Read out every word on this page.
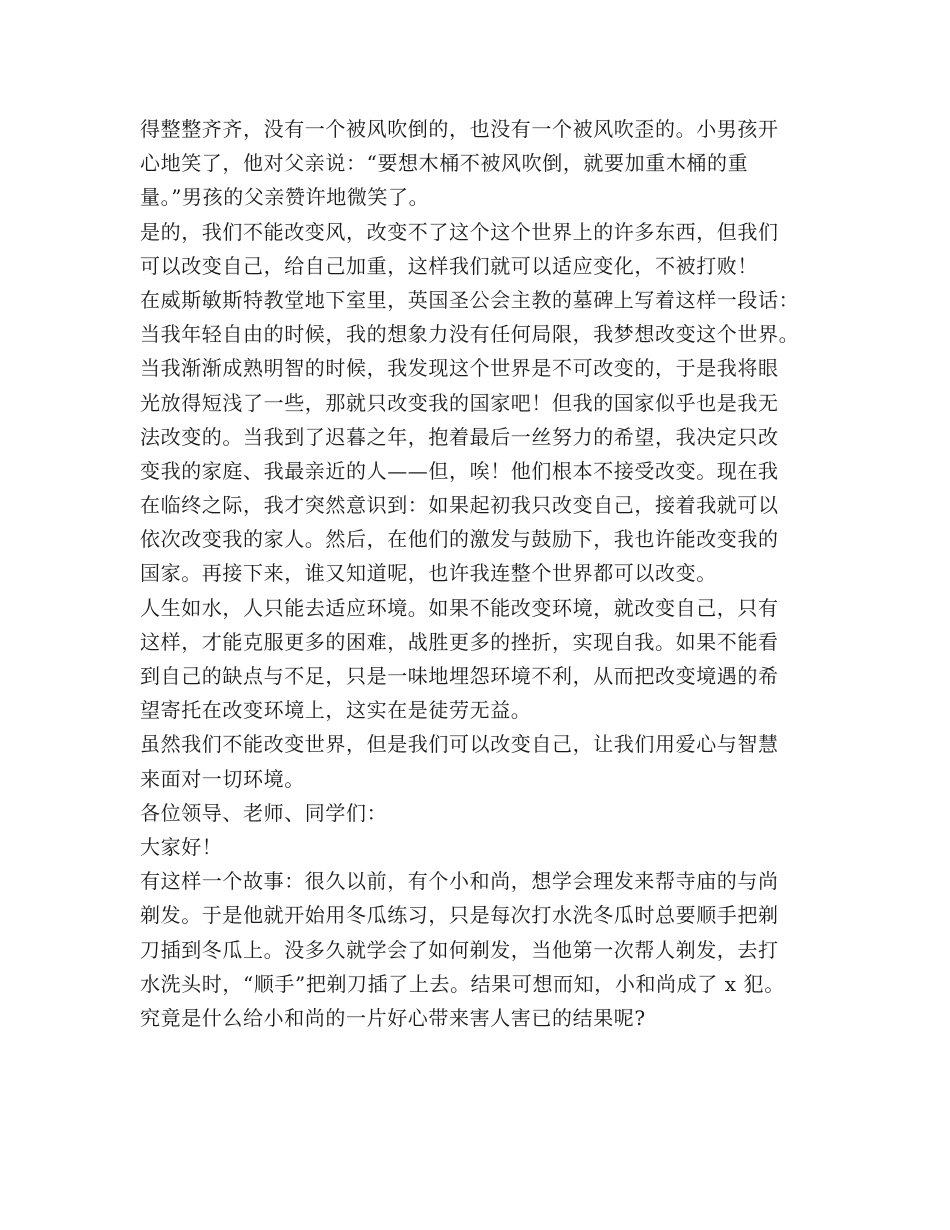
得整整齐齐，没有一个被风吹倒的，也没有一个被风吹歪的。小男孩开
心地笑了，他对父亲说：“要想木桶不被风吹倒，就要加重木桶的重
量。”男孩的父亲赞许地微笑了。
是的，我们不能改变风，改变不了这个这个世界上的许多东西，但我们
可以改变自己，给自己加重，这样我们就可以适应变化，不被打败！
在威斯敏斯特教堂地下室里，英国圣公会主教的墓碑上写着这样一段话：
当我年轻自由的时候，我的想象力没有任何局限，我梦想改变这个世界。
当我渐渐成熟明智的时候，我发现这个世界是不可改变的，于是我将眼
光放得短浅了一些，那就只改变我的国家吧！但我的国家似乎也是我无
法改变的。当我到了迟暮之年，抱着最后一丝努力的希望，我决定只改
变我的家庭、我最亲近的人——但，唉！他们根本不接受改变。现在我
在临终之际，我才突然意识到：如果起初我只改变自己，接着我就可以
依次改变我的家人。然后，在他们的激发与鼓励下，我也许能改变我的
国家。再接下来，谁又知道呢，也许我连整个世界都可以改变。
人生如水，人只能去适应环境。如果不能改变环境，就改变自己，只有
这样，才能克服更多的困难，战胜更多的挫折，实现自我。如果不能看
到自己的缺点与不足，只是一味地埋怨环境不利，从而把改变境遇的希
望寄托在改变环境上，这实在是徒劳无益。
虽然我们不能改变世界，但是我们可以改变自己，让我们用爱心与智慧
来面对一切环境。
各位领导、老师、同学们：
大家好！
有这样一个故事：很久以前，有个小和尚，想学会理发来帮寺庙的与尚
剃发。于是他就开始用冬瓜练习，只是每次打水洗冬瓜时总要顺手把剃
刀插到冬瓜上。没多久就学会了如何剃发，当他第一次帮人剃发，去打
水洗头时，“顺手”把剃刀插了上去。结果可想而知，小和尚成了 x 犯。
究竟是什么给小和尚的一片好心带来害人害已的结果呢?
